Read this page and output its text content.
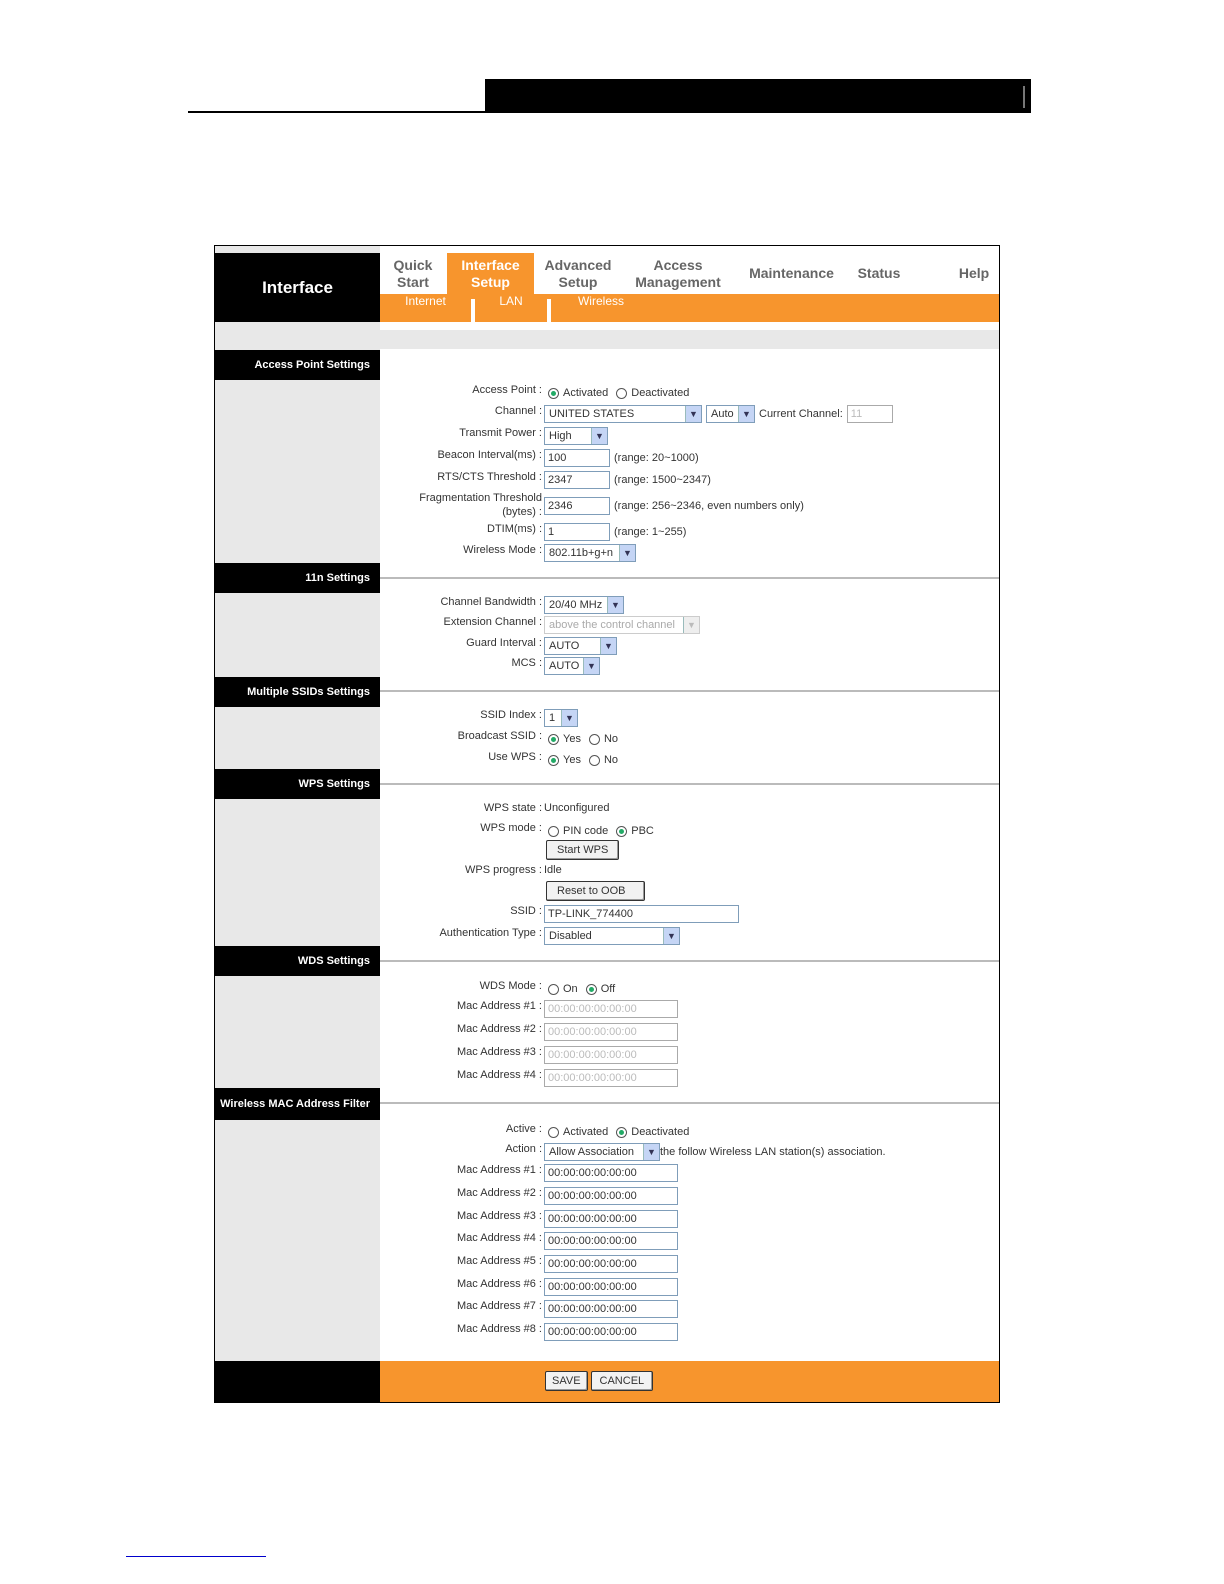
Interface
Quick
Start
Interface
Setup
Advanced
Setup
Access
Management
Maintenance	Status	Help
Internet	LAN	Wireless
Access Point Settings
Access Point : Activated Deactivated
Channel : UNITED STATES	▼ Auto ▼ Current Channel: 11
Transmit Power : High	▼
Beacon Interval(ms) : 100	(range: 20~1000)
RTS/CTS Threshold : 2347	(range: 1500~2347)
Fragmentation Threshold
(bytes) : 2346	(range: 256~2346, even numbers only)
DTIM(ms) : 1	(range: 1~255)
Wireless Mode : 802.11b+g+n	▼
11n Settings
Channel Bandwidth : 20/40 MHz ▼
Extension Channel : above the control channel	▼
Guard Interval : AUTO	▼
MCS : AUTO ▼
Multiple SSIDs Settings
SSID Index : 1	▼
Broadcast SSID : Yes No
Use WPS : Yes No
WPS Settings
WPS state : Unconfigured
WPS mode : PIN code PBC
Start WPS
WPS progress : Idle
Reset to OOB
SSID : TP-LINK_774400
Authentication Type : Disabled	▼
WDS Settings
WDS Mode : On Off
Mac Address #1 : 00:00:00:00:00:00
Mac Address #2 : 00:00:00:00:00:00
Mac Address #3 : 00:00:00:00:00:00
Mac Address #4 : 00:00:00:00:00:00
Wireless MAC Address Filter
Active : Activated Deactivated
Action : Allow Association	▼ the follow Wireless LAN station(s) association.
Mac Address #1 : 00:00:00:00:00:00
Mac Address #2 : 00:00:00:00:00:00
Mac Address #3 : 00:00:00:00:00:00
Mac Address #4 : 00:00:00:00:00:00
Mac Address #5 : 00:00:00:00:00:00
Mac Address #6 : 00:00:00:00:00:00
Mac Address #7 : 00:00:00:00:00:00
Mac Address #8 : 00:00:00:00:00:00
SAVE	CANCEL
